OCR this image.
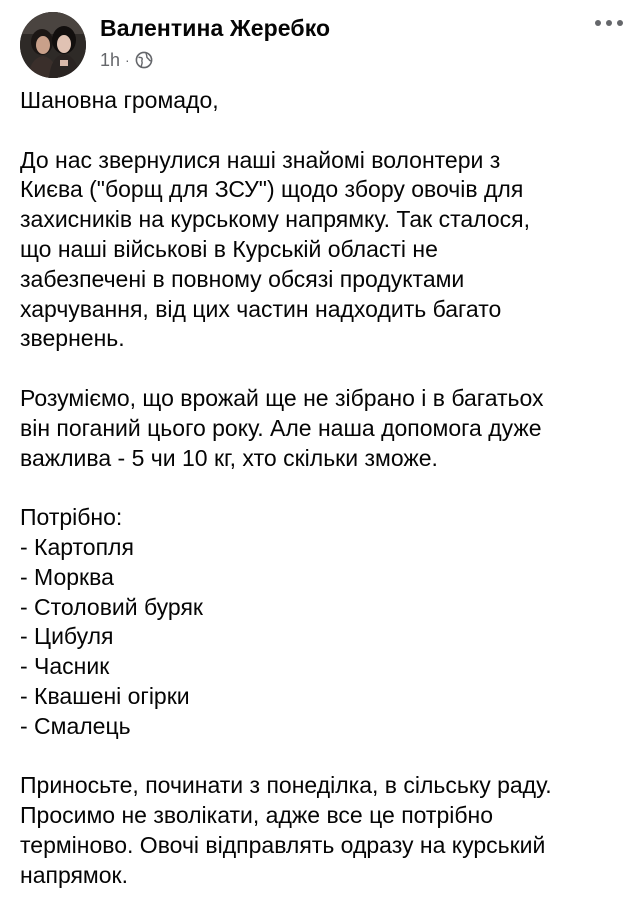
Валентина Жеребко
1h ·
Шановна громадо,
До нас звернулися наші знайомі волонтери з
Києва ("борщ для ЗСУ") щодо збору овочів для
захисників на курському напрямку. Так сталося,
що наші військові в Курській області не
забезпечені в повному обсязі продуктами
харчування, від цих частин надходить багато
звернень.
Розуміємо, що врожай ще не зібрано і в багатьох
він поганий цього року. Але наша допомога дуже
важлива - 5 чи 10 кг, хто скільки зможе.
Потрібно:
- Картопля
- Морква
- Столовий буряк
- Цибуля
- Часник
- Квашені огірки
- Смалець
Приносьте, починати з понеділка, в сільську раду.
Просимо не зволікати, адже все це потрібно
терміново. Овочі відправлять одразу на курський
напрямок.
